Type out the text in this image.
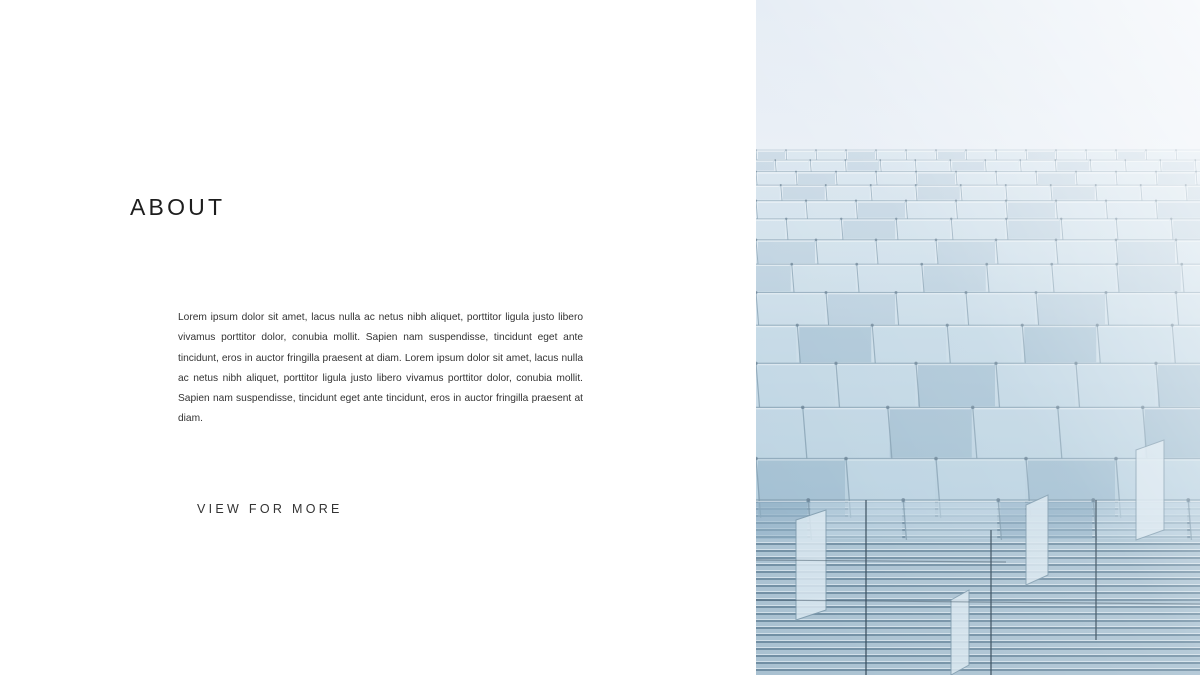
ABOUT

Lorem ipsum dolor sit amet, lacus nulla ac netus nibh aliquet, porttitor ligula justo libero vivamus porttitor dolor, conubia mollit. Sapien nam suspendisse, tincidunt eget ante tincidunt, eros in auctor fringilla praesent at diam. Lorem ipsum dolor sit amet, lacus nulla ac netus nibh aliquet, porttitor ligula justo libero vivamus porttitor dolor, conubia mollit. Sapien nam suspendisse, tincidunt eget ante tincidunt, eros in auctor fringilla praesent at diam.

VIEW FOR MORE
